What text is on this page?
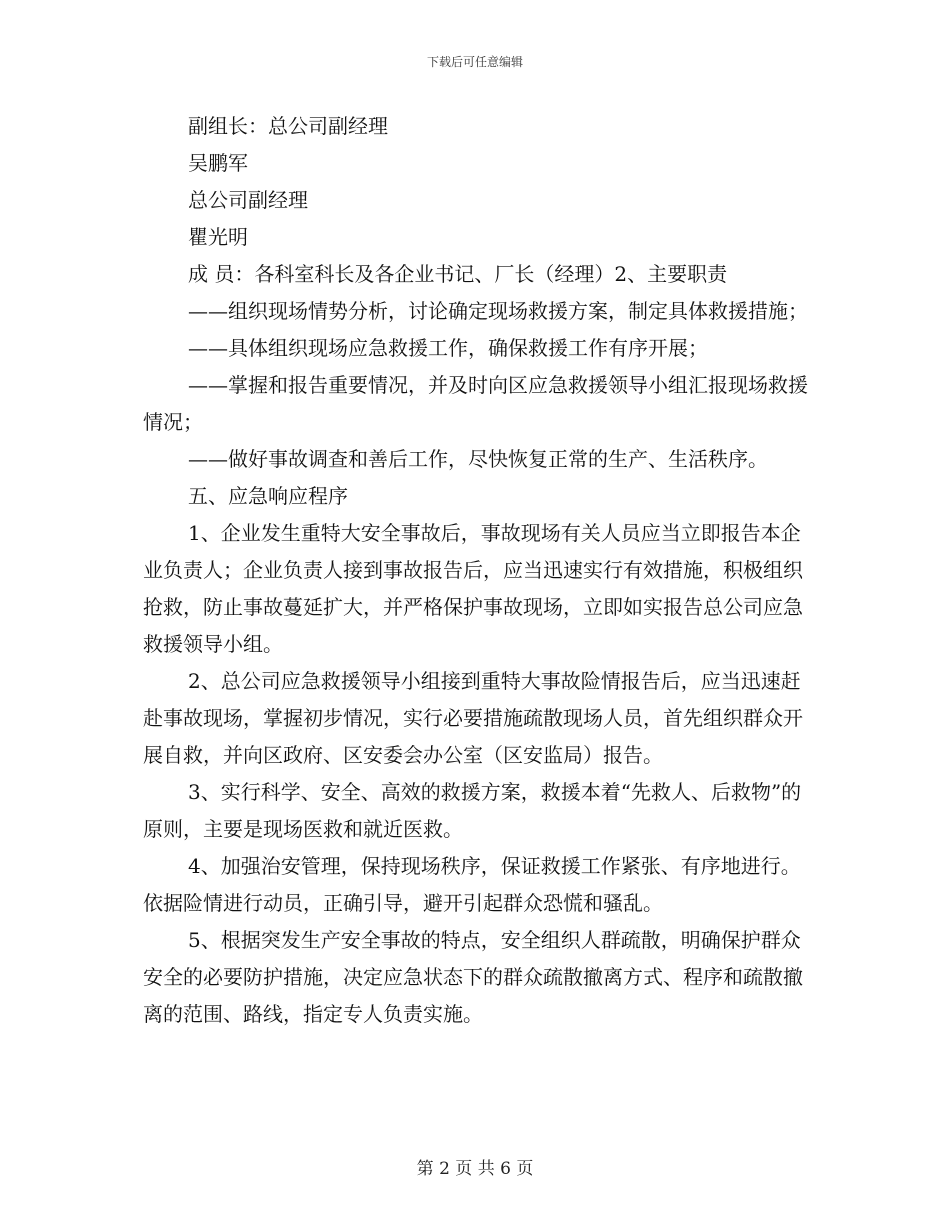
下载后可任意编辑
副组长：总公司副经理
吴鹏军
总公司副经理
瞿光明
成 员：各科室科长及各企业书记、厂长（经理）2、主要职责
——组织现场情势分析，讨论确定现场救援方案，制定具体救援措施；
——具体组织现场应急救援工作，确保救援工作有序开展；
——掌握和报告重要情况，并及时向区应急救援领导小组汇报现场救援情况；
——做好事故调查和善后工作，尽快恢复正常的生产、生活秩序。
五、应急响应程序
1、企业发生重特大安全事故后，事故现场有关人员应当立即报告本企业负责人；企业负责人接到事故报告后，应当迅速实行有效措施，积极组织抢救，防止事故蔓延扩大，并严格保护事故现场，立即如实报告总公司应急救援领导小组。
2、总公司应急救援领导小组接到重特大事故险情报告后，应当迅速赶赴事故现场，掌握初步情况，实行必要措施疏散现场人员，首先组织群众开展自救，并向区政府、区安委会办公室（区安监局）报告。
3、实行科学、安全、高效的救援方案，救援本着“先救人、后救物”的原则，主要是现场医救和就近医救。
4、加强治安管理，保持现场秩序，保证救援工作紧张、有序地进行。依据险情进行动员，正确引导，避开引起群众恐慌和骚乱。
5、根据突发生产安全事故的特点，安全组织人群疏散，明确保护群众安全的必要防护措施，决定应急状态下的群众疏散撤离方式、程序和疏散撤离的范围、路线，指定专人负责实施。
第 2 页 共 6 页
